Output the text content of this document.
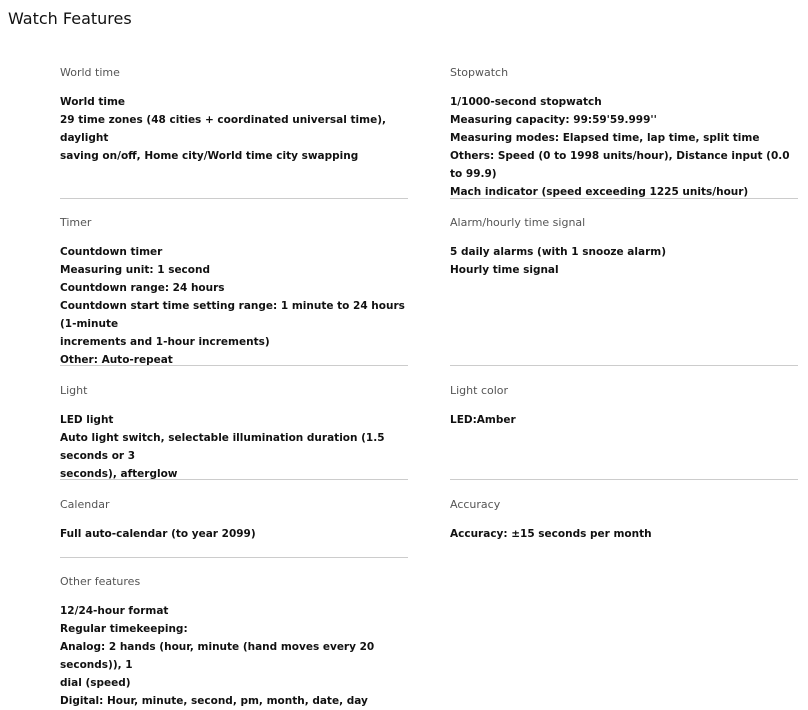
Watch Features
World time
World time
29 time zones (48 cities + coordinated universal time), daylight
saving on/off, Home city/World time city swapping
Stopwatch
1/1000-second stopwatch
Measuring capacity: 99:59'59.999''
Measuring modes: Elapsed time, lap time, split time
Others: Speed (0 to 1998 units/hour), Distance input (0.0 to 99.9)
Mach indicator (speed exceeding 1225 units/hour)
Timer
Countdown timer
Measuring unit: 1 second
Countdown range: 24 hours
Countdown start time setting range: 1 minute to 24 hours (1-minute
increments and 1-hour increments)
Other: Auto-repeat
Alarm/hourly time signal
5 daily alarms (with 1 snooze alarm)
Hourly time signal
Light
LED light
Auto light switch, selectable illumination duration (1.5 seconds or 3
seconds), afterglow
Light color
LED:Amber
Calendar
Full auto-calendar (to year 2099)
Accuracy
Accuracy: ±15 seconds per month
Other features
12/24-hour format
Regular timekeeping:
Analog: 2 hands (hour, minute (hand moves every 20 seconds)), 1
dial (speed)
Digital: Hour, minute, second, pm, month, date, day
